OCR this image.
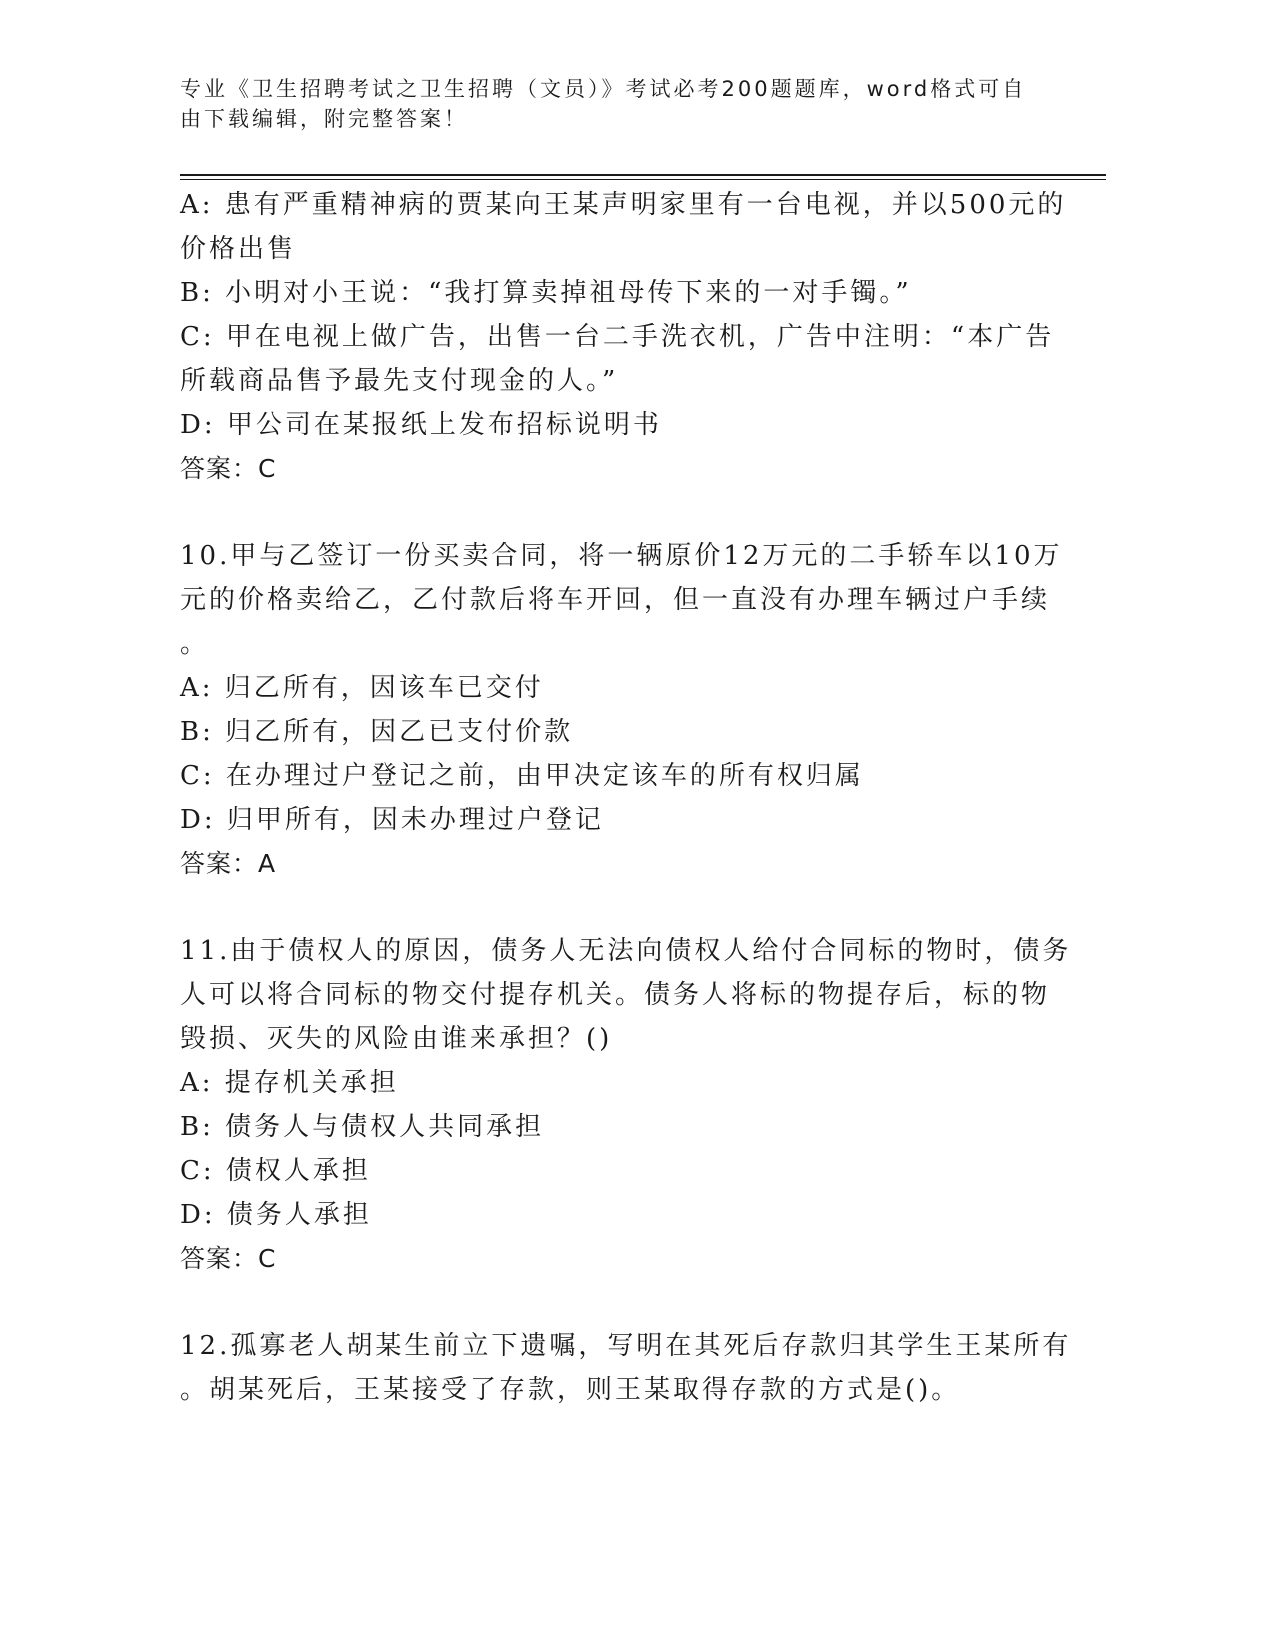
专业《卫生招聘考试之卫生招聘（文员）》考试必考200题题库，word格式可自

由下载编辑，附完整答案！

A: 患有严重精神病的贾某向王某声明家里有一台电视，并以500元的

价格出售

B: 小明对小王说：“我打算卖掉祖母传下来的一对手镯。”

C: 甲在电视上做广告，出售一台二手洗衣机，广告中注明：“本广告

所载商品售予最先支付现金的人。”

D: 甲公司在某报纸上发布招标说明书

答案：C

10.甲与乙签订一份买卖合同，将一辆原价12万元的二手轿车以10万

元的价格卖给乙，乙付款后将车开回，但一直没有办理车辆过户手续

。

A: 归乙所有，因该车已交付

B: 归乙所有，因乙已支付价款

C: 在办理过户登记之前，由甲决定该车的所有权归属

D: 归甲所有，因未办理过户登记

答案：A

11.由于债权人的原因，债务人无法向债权人给付合同标的物时，债务

人可以将合同标的物交付提存机关。债务人将标的物提存后，标的物

毁损、灭失的风险由谁来承担？()

A: 提存机关承担

B: 债务人与债权人共同承担

C: 债权人承担

D: 债务人承担

答案：C

12.孤寡老人胡某生前立下遗嘱，写明在其死后存款归其学生王某所有

。胡某死后，王某接受了存款，则王某取得存款的方式是()。
